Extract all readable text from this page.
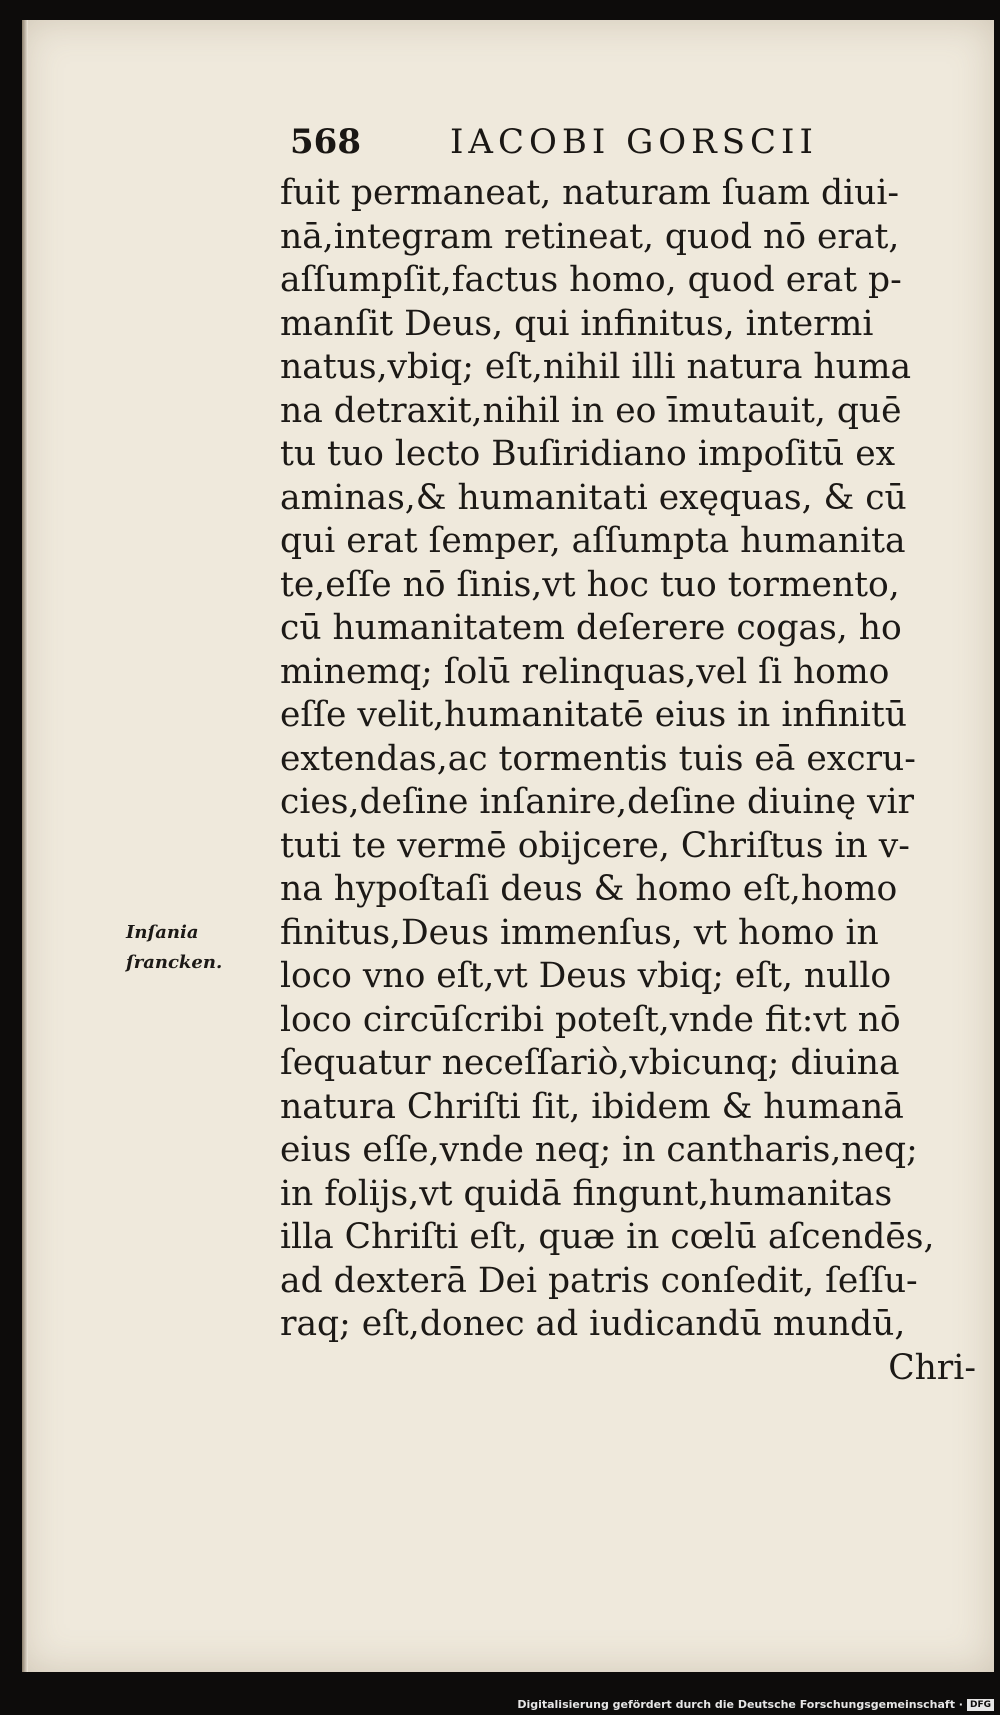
568	IACOBI GORSCII
Inſania
ſrancken.
fuit permaneat, naturam ſuam diui-
nā,integram retineat, quod nō erat,
aſſumpſit,factus homo, quod erat p-
manſit Deus, qui infinitus, intermi
natus,vbiq; eſt,nihil illi natura huma
na detraxit,nihil in eo īmutauit, quē
tu tuo lecto Buſiridiano impoſitū ex
aminas,& humanitati exęquas, & cū
qui erat ſemper, aſſumpta humanita
te,eſſe nō ſinis,vt hoc tuo tormento,
cū humanitatem deſerere cogas, ho
minemq; ſolū relinquas,vel ſi homo
eſſe velit,humanitatē eius in infinitū
extendas,ac tormentis tuis eā excru-
cies,deſine inſanire,deſine diuinę vir
tuti te vermē obijcere, Chriſtus in v-
na hypoſtaſi deus & homo eſt,homo
finitus,Deus immenſus, vt homo in
loco vno eſt,vt Deus vbiq; eſt, nullo
loco circūſcribi poteſt,vnde fit:vt nō
ſequatur neceſſariò,vbicunq; diuina
natura Chriſti ſit, ibidem & humanā
eius eſſe,vnde neq; in cantharis,neq;
in folijs,vt quidā fingunt,humanitas
illa Chriſti eſt, quæ in cœlū aſcendēs,
ad dexterā Dei patris conſedit, ſeſſu-
raq; eſt,donec ad iudicandū mundū,
Chri-
Digitalisierung gefördert durch die Deutsche Forschungsgemeinschaft · DFG
